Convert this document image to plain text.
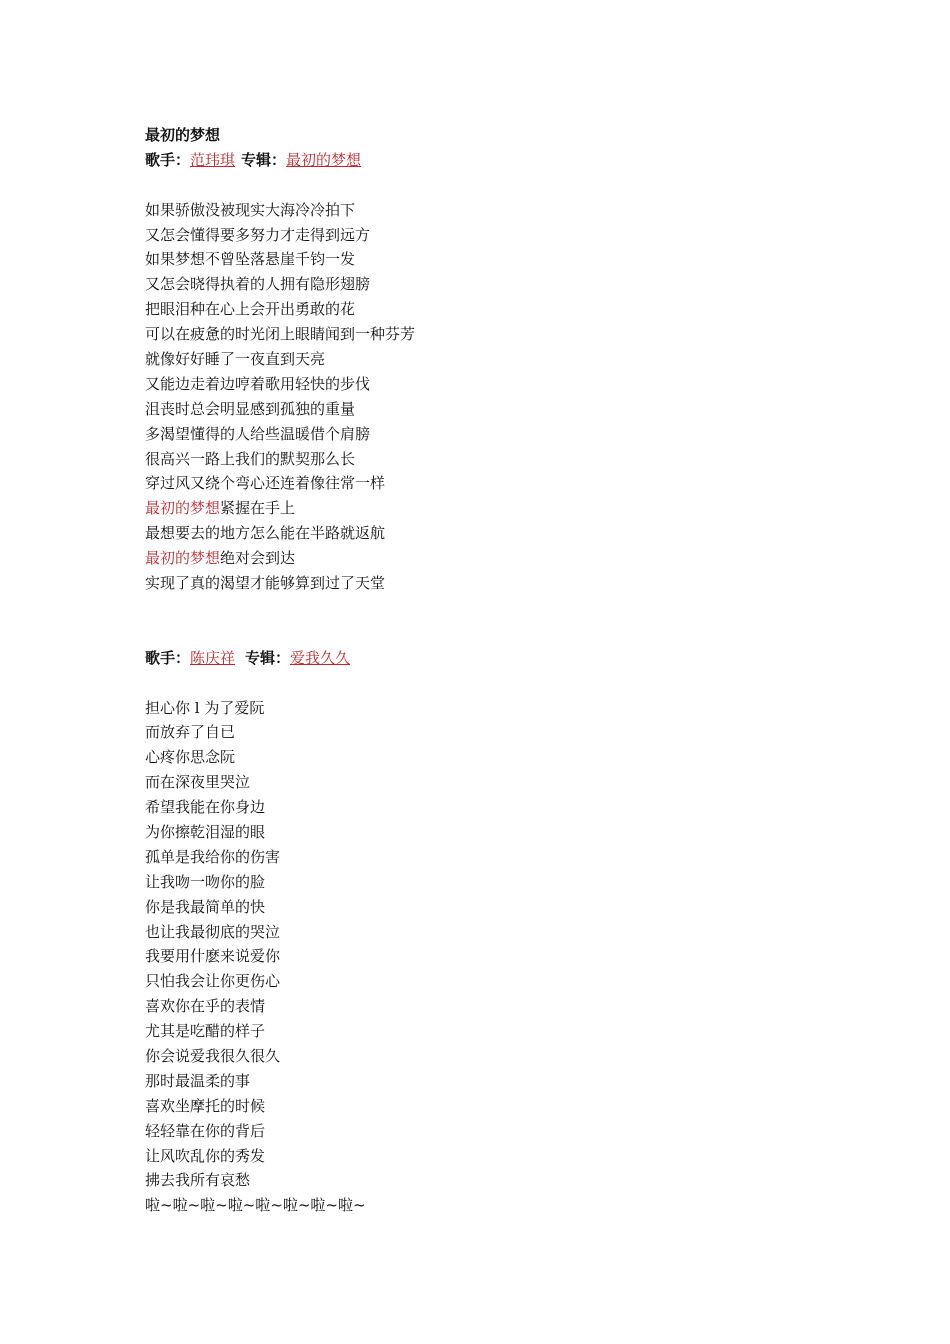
最初的梦想
歌手：范玮琪 专辑：最初的梦想
如果骄傲没被现实大海冷冷拍下
又怎会懂得要多努力才走得到远方
如果梦想不曾坠落悬崖千钧一发
又怎会晓得执着的人拥有隐形翅膀
把眼泪种在心上会开出勇敢的花
可以在疲惫的时光闭上眼睛闻到一种芬芳
就像好好睡了一夜直到天亮
又能边走着边哼着歌用轻快的步伐
沮丧时总会明显感到孤独的重量
多渴望懂得的人给些温暖借个肩膀
很高兴一路上我们的默契那么长
穿过风又绕个弯心还连着像往常一样
最初的梦想紧握在手上
最想要去的地方怎么能在半路就返航
最初的梦想绝对会到达
实现了真的渴望才能够算到过了天堂
歌手：陈庆祥 专辑：爱我久久
担心你 l 为了爱阮
而放弃了自已
心疼你思念阮
而在深夜里哭泣
希望我能在你身边
为你擦乾泪湿的眼
孤单是我给你的伤害
让我吻一吻你的脸
你是我最简单的快
也让我最彻底的哭泣
我要用什麽来说爱你
只怕我会让你更伤心
喜欢你在乎的表情
尤其是吃醋的样子
你会说爱我很久很久
那时最温柔的事
喜欢坐摩托的时候
轻轻靠在你的背后
让风吹乱你的秀发
拂去我所有哀愁
啦~啦~啦~啦~啦~啦~啦~啦~
